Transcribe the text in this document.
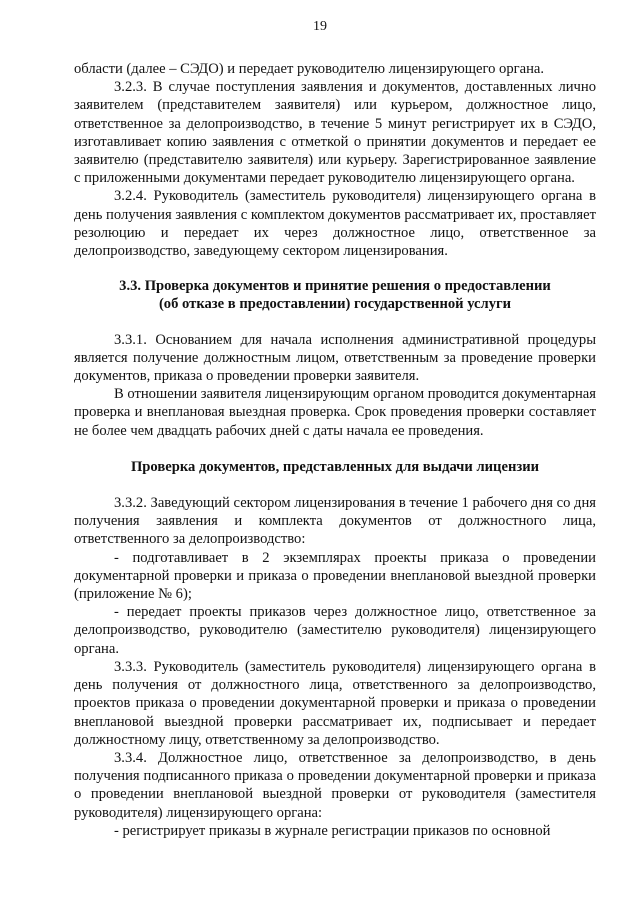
19

области (далее – СЭДО) и передает руководителю лицензирующего органа.

3.2.3. В случае поступления заявления и документов, доставленных лично заявителем (представителем заявителя) или курьером, должностное лицо, ответственное за делопроизводство, в течение 5 минут регистрирует их в СЭДО, изготавливает копию заявления с отметкой о принятии документов и передает ее заявителю (представителю заявителя) или курьеру. Зарегистрированное заявление с приложенными документами передает руководителю лицензирующего органа.

3.2.4. Руководитель (заместитель руководителя) лицензирующего органа в день получения заявления с комплектом документов рассматривает их, проставляет резолюцию и передает их через должностное лицо, ответственное за делопроизводство, заведующему сектором лицензирования.

3.3. Проверка документов и принятие решения о предоставлении
(об отказе в предоставлении) государственной услуги

3.3.1. Основанием для начала исполнения административной процедуры является получение должностным лицом, ответственным за проведение проверки документов, приказа о проведении проверки заявителя.

В отношении заявителя лицензирующим органом проводится документарная проверка и внеплановая выездная проверка. Срок проведения проверки составляет не более чем двадцать рабочих дней с даты начала ее проведения.

Проверка документов, представленных для выдачи лицензии

3.3.2. Заведующий сектором лицензирования в течение 1 рабочего дня со дня получения заявления и комплекта документов от должностного лица, ответственного за делопроизводство:

- подготавливает в 2 экземплярах проекты приказа о проведении документарной проверки и приказа о проведении внеплановой выездной проверки (приложение № 6);

- передает проекты приказов через должностное лицо, ответственное за делопроизводство, руководителю (заместителю руководителя) лицензирующего органа.

3.3.3. Руководитель (заместитель руководителя) лицензирующего органа в день получения от должностного лица, ответственного за делопроизводство, проектов приказа о проведении документарной проверки и приказа о проведении внеплановой выездной проверки рассматривает их, подписывает и передает должностному лицу, ответственному за делопроизводство.

3.3.4. Должностное лицо, ответственное за делопроизводство, в день получения подписанного приказа о проведении документарной проверки и приказа о проведении внеплановой выездной проверки от руководителя (заместителя руководителя) лицензирующего органа:

- регистрирует приказы в журнале регистрации приказов по основной
